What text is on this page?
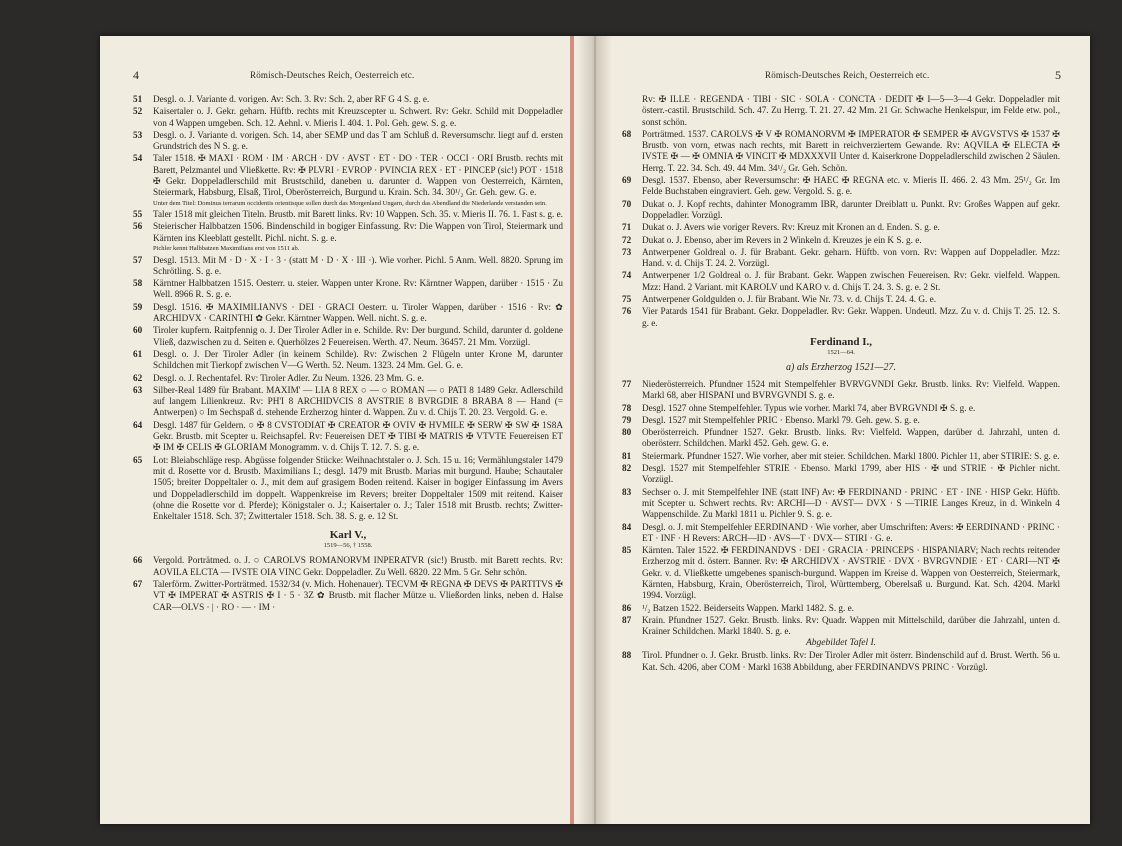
4	Römisch-Deutsches Reich, Oesterreich etc.
51 Desgl. o. J. Variante d. vorigen. Av: Sch. 3. Rv: Sch. 2, aber RF G 4 S. g. e.
52 Kaisertaler o. J. Gekr. geharn. Hüftb. rechts mit Kreuzscepter u. Schwert. Rv: Gekr. Schild mit Doppeladler von 4 Wappen umgeben. Sch. 12. Aehnl. v. Mieris I. 404. 1. Pol. Geh. gew. S. g. e.
53 Desgl. o. J. Variante d. vorigen. Sch. 14, aber SEMP und das T am Schluß d. Reversumschr. liegt auf d. ersten Grundstrich des N S. g. e.
54 Taler 1518. ✠ MAXI · ROM · IM · ARCH · DV · AVST · ET · DO · TER · OCCI · ORI Brustb. rechts mit Barett, Pelzmantel und Vließkette. Rv: ✠ PLVRI · EVROP · PVINCIA REX · ET · PINCEP (sic!) POT · 1518 ✠ Gekr. Doppeladlerschild mit Brustschild, daneben u. darunter d. Wappen von Oesterreich, Kärnten, Steiermark, Habsburg, Elsaß, Tirol, Oberösterreich, Burgund u. Krain. Sch. 34. 30¹/₂ Gr. Geh. gew. G. e.
Unter dem Titel: Dominus terrarum occidentis orientisque sollen durch das Morgenland Ungarn, durch das Abendland die Niederlande verstanden sein.
55 Taler 1518 mit gleichen Titeln. Brustb. mit Barett links. Rv: 10 Wappen. Sch. 35. v. Mieris II. 76. 1. Fast s. g. e.
56 Steierischer Halbbatzen 1506. Bindenschild in bogiger Einfassung. Rv: Die Wappen von Tirol, Steiermark und Kärnten ins Kleeblatt gestellt. Pichl. nicht. S. g. e.
Pichler kennt Halbbatzen Maximilians erst von 1511 ab.
57 Desgl. 1513. Mit M · D · X · I · 3 · (statt M · D · X · III ·). Wie vorher. Pichl. 5 Anm. Well. 8820. Sprung im Schrötling. S. g. e.
58 Kärntner Halbbatzen 1515. Oesterr. u. steier. Wappen unter Krone. Rv: Kärntner Wappen, darüber · 1515 · Zu Well. 8966 R. S. g. e.
59 Desgl. 1516. ✠ MAXIMILIANVS · DEI · GRACI Oesterr. u. Tiroler Wappen, darüber · 1516 · Rv: ✿ ARCHIDVX · CARINTHI ✿ Gekr. Kärntner Wappen. Well. nicht. S. g. e.
60 Tiroler kupfern. Raitpfennig o. J. Der Tiroler Adler in e. Schilde. Rv: Der burgund. Schild, darunter d. goldene Vließ, dazwischen zu d. Seiten e. Querhölzes 2 Feuereisen. Werth. 47. Neum. 36457. 21 Mm. Vorzügl.
61 Desgl. o. J. Der Tiroler Adler (in keinem Schilde). Rv: Zwischen 2 Flügeln unter Krone M, darunter Schildchen mit Tierkopf zwischen V—G Werth. 52. Neum. 1323. 24 Mm. Gel. G. e.
62 Desgl. o. J. Rechentafel. Rv: Tiroler Adler. Zu Neum. 1326. 23 Mm. G. e.
63 Silber-Real 1489 für Brabant. MAXIM' — LIA 8 REX ○ — ○ ROMAN — ○ PATI 8 1489 Gekr. Adlerschild auf langem Lilienkreuz. Rv: PH'I 8 ARCHIDVCIS 8 AVSTRIE 8 BVRGDIE 8 BRABA 8 — Hand (= Antwerpen) ○ Im Sechspaß d. stehende Erzherzog hinter d. Wappen. Zu v. d. Chijs T. 20. 23. Vergold. G. e.
64 Desgl. 1487 für Geldern. ○ ✠ 8 CVSTODIAT ✠ CREATOR ✠ OVIV ✠ HVMILE ✠ SERW ✠ SW ✠ 1S8A Gekr. Brustb. mit Scepter u. Reichsapfel. Rv: Feuereisen DET ✠ TIBI ✠ MATRIS ✠ VTVTE Feuereisen ET ✠ IM ✠ CELIS ✠ GLORIAM Monogramm. v. d. Chijs T. 12. 7. S. g. e.
65 Lot: Bleiabschläge resp. Abgüsse folgender Stücke: Weihnachtstaler o. J. Sch. 15 u. 16; Vermählungstaler 1479 mit d. Rosette vor d. Brustb. Maximilians I.; desgl. 1479 mit Brustb. Marias mit burgund. Haube; Schautaler 1505; breiter Doppeltaler o. J., mit dem auf grasigem Boden reitend. Kaiser in bogiger Einfassung im Avers und Doppeladlerschild im doppelt. Wappenkreise im Revers; breiter Doppeltaler 1509 mit reitend. Kaiser (ohne die Rosette vor d. Pferde); Königstaler o. J.; Kaisertaler o. J.; Taler 1518 mit Brustb. rechts; Zwitter-Enkeltaler 1518. Sch. 37; Zwittertaler 1518. Sch. 38. S. g. e. 12 St.
Karl V.,
1519—56, † 1558.
66 Vergold. Porträtmed. o. J. ○ CAROLVS ROMANORVM INPERATVR (sic!) Brustb. mit Barett rechts. Rv: AOVILA ELCTA — IVSTE OIA VINC Gekr. Doppeladler. Zu Well. 6820. 22 Mm. 5 Gr. Sehr schön.
67 Talerförm. Zwitter-Porträtmed. 1532/34 (v. Mich. Hohenauer). TECVM ✠ REGNA ✠ DEVS ✠ PARTITVS ✠ VT ✠ IMPERAT ✠ ASTRIS ✠ I · 5 · 3Z ✿ Brustb. mit flacher Mütze u. Vließorden links, neben d. Halse CAR—OLVS · | · RO · — · IM ·
Römisch-Deutsches Reich, Oesterreich etc.	5
Rv: ✠ ILLE · REGENDA · TIBI · SIC · SOLA · CONCTA · DEDIT ✠ I—5—3—4 Gekr. Doppeladler mit österr.-castil. Brustschild. Sch. 47. Zu Herrg. T. 21. 27. 42 Mm. 21 Gr. Schwache Henkelspur, im Felde etw. pol., sonst schön.
68 Porträtmed. 1537. CAROLVS ✠ V ✠ ROMANORVM ✠ IMPERATOR ✠ SEMPER ✠ AVGVSTVS ✠ 1537 ✠ Brustb. von vorn, etwas nach rechts, mit Barett in reichverziertem Gewande. Rv: AQVILA ✠ ELECTA ✠ IVSTE ✠ — ✠ OMNIA ✠ VINCIT ✠ MDXXXVII Unter d. Kaiserkrone Doppeladlerschild zwischen 2 Säulen. Herrg. T. 22. 34. Sch. 49. 44 Mm. 34¹/₂ Gr. Geh. Schön.
69 Desgl. 1537. Ebenso, aber Reversumschr: ✠ HAEC ✠ REGNA etc. v. Mieris II. 466. 2. 43 Mm. 25¹/₂ Gr. Im Felde Buchstaben eingraviert. Geh. gew. Vergold. S. g. e.
70 Dukat o. J. Kopf rechts, dahinter Monogramm IBR, darunter Dreiblatt u. Punkt. Rv: Großes Wappen auf gekr. Doppeladler. Vorzügl.
71 Dukat o. J. Avers wie voriger Revers. Rv: Kreuz mit Kronen an d. Enden. S. g. e.
72 Dukat o. J. Ebenso, aber im Revers in 2 Winkeln d. Kreuzes je ein K S. g. e.
73 Antwerpener Goldreal o. J. für Brabant. Gekr. geharn. Hüftb. von vorn. Rv: Wappen auf Doppeladler. Mzz: Hand. v. d. Chijs T. 24. 2. Vorzügl.
74 Antwerpener 1/2 Goldreal o. J. für Brabant. Gekr. Wappen zwischen Feuereisen. Rv: Gekr. vielfeld. Wappen. Mzz: Hand. 2 Variant. mit KAROLV und KARO v. d. Chijs T. 24. 3. S. g. e. 2 St.
75 Antwerpener Goldgulden o. J. für Brabant. Wie Nr. 73. v. d. Chijs T. 24. 4. G. e.
76 Vier Patards 1541 für Brabant. Gekr. Doppeladler. Rv: Gekr. Wappen. Undeutl. Mzz. Zu v. d. Chijs T. 25. 12. S. g. e.
Ferdinand I.,
1521—64.
a) als Erzherzog 1521—27.
77 Niederösterreich. Pfundner 1524 mit Stempelfehler BVRVGVNDI Gekr. Brustb. links. Rv: Vielfeld. Wappen. Markl 68, aber HISPANI und BVRVGVNDI S. g. e.
78 Desgl. 1527 ohne Stempelfehler. Typus wie vorher. Markl 74, aber BVRGVNDI ✠ S. g. e.
79 Desgl. 1527 mit Stempelfehler PRIC · Ebenso. Markl 79. Geh. gew. S. g. e.
80 Oberösterreich. Pfundner 1527. Gekr. Brustb. links. Rv: Vielfeld. Wappen, darüber d. Jahrzahl, unten d. oberösterr. Schildchen. Markl 452. Geh. gew. G. e.
81 Steiermark. Pfundner 1527. Wie vorher, aber mit steier. Schildchen. Markl 1800. Pichler 11, aber STIRIE: S. g. e.
82 Desgl. 1527 mit Stempelfehler STRIE · Ebenso. Markl 1799, aber HIS · ✠ und STRIE · ✠ Pichler nicht. Vorzügl.
83 Sechser o. J. mit Stempelfehler INE (statt INF) Av: ✠ FERDINAND · PRINC · ET · INE · HISP Gekr. Hüftb. mit Scepter u. Schwert rechts. Rv: ARCHI—D · AVST— DVX · S —TIRIE Langes Kreuz, in d. Winkeln 4 Wappenschilde. Zu Markl 1811 u. Pichler 9. S. g. e.
84 Desgl. o. J. mit Stempelfehler EERDINAND · Wie vorher, aber Umschriften: Avers: ✠ EERDINAND · PRINC · ET · INF · H Revers: ARCH—ID · AVS—T · DVX— STIRI · G. e.
85 Kärnten. Taler 1522. ✠ FERDINANDVS · DEI · GRACIA · PRINCEPS · HISPANIARV; Nach rechts reitender Erzherzog mit d. österr. Banner. Rv: ✠ ARCHIDVX · AVSTRIE · DVX · BVRGVNDIE · ET · CARI—NT ✠ Gekr. v. d. Vließkette umgebenes spanisch-burgund. Wappen im Kreise d. Wappen von Oesterreich, Steiermark, Kärnten, Habsburg, Krain, Oberösterreich, Tirol, Württemberg, Oberelsaß u. Burgund. Kat. Sch. 4204. Markl 1994. Vorzügl.
86 ¹/₂ Batzen 1522. Beiderseits Wappen. Markl 1482. S. g. e.
87 Krain. Pfundner 1527. Gekr. Brustb. links. Rv: Quadr. Wappen mit Mittelschild, darüber die Jahrzahl, unten d. Krainer Schildchen. Markl 1840. S. g. e.
Abgebildet Tafel I.
88 Tirol. Pfundner o. J. Gekr. Brustb. links. Rv: Der Tiroler Adler mit österr. Bindenschild auf d. Brust. Werth. 56 u. Kat. Sch. 4206, aber COM · Markl 1638 Abbildung, aber FERDINANDVS PRINC · Vorzügl.
